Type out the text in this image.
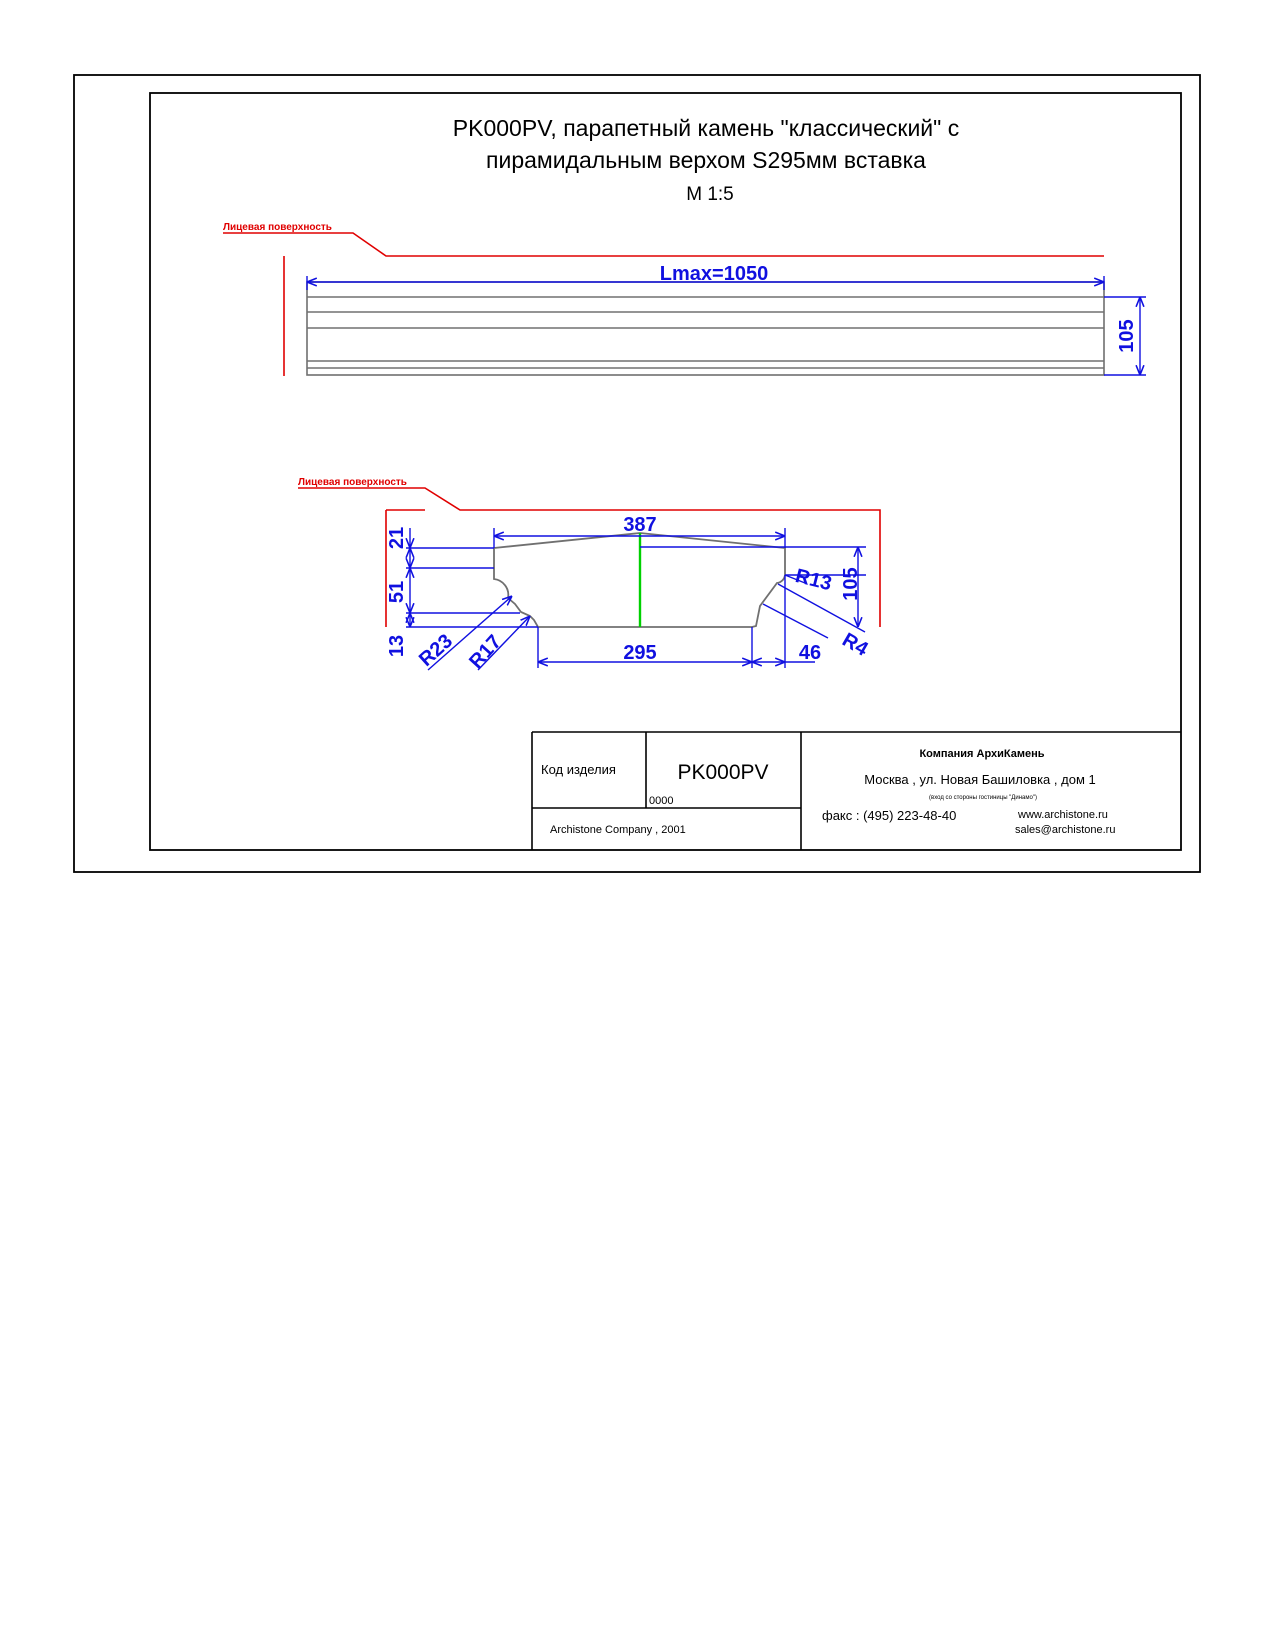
PK000PV, парапетный камень "классический" с
пирамидальным верхом S295мм вставка
М 1:5
Лицевая поверхность
Lmax=1050
105
Лицевая поверхность
387
295
105
21
51
13 R23 R17
R13
R4
46
Код изделия	PK000PV
0000
Archistone Company , 2001
Компания АрхиКамень
Москва , ул. Новая Башиловка , дом 1
(вход со стороны гостиницы "Динамо")
факс : (495) 223-48-40	www.archistone.ru
sales@archistone.ru
